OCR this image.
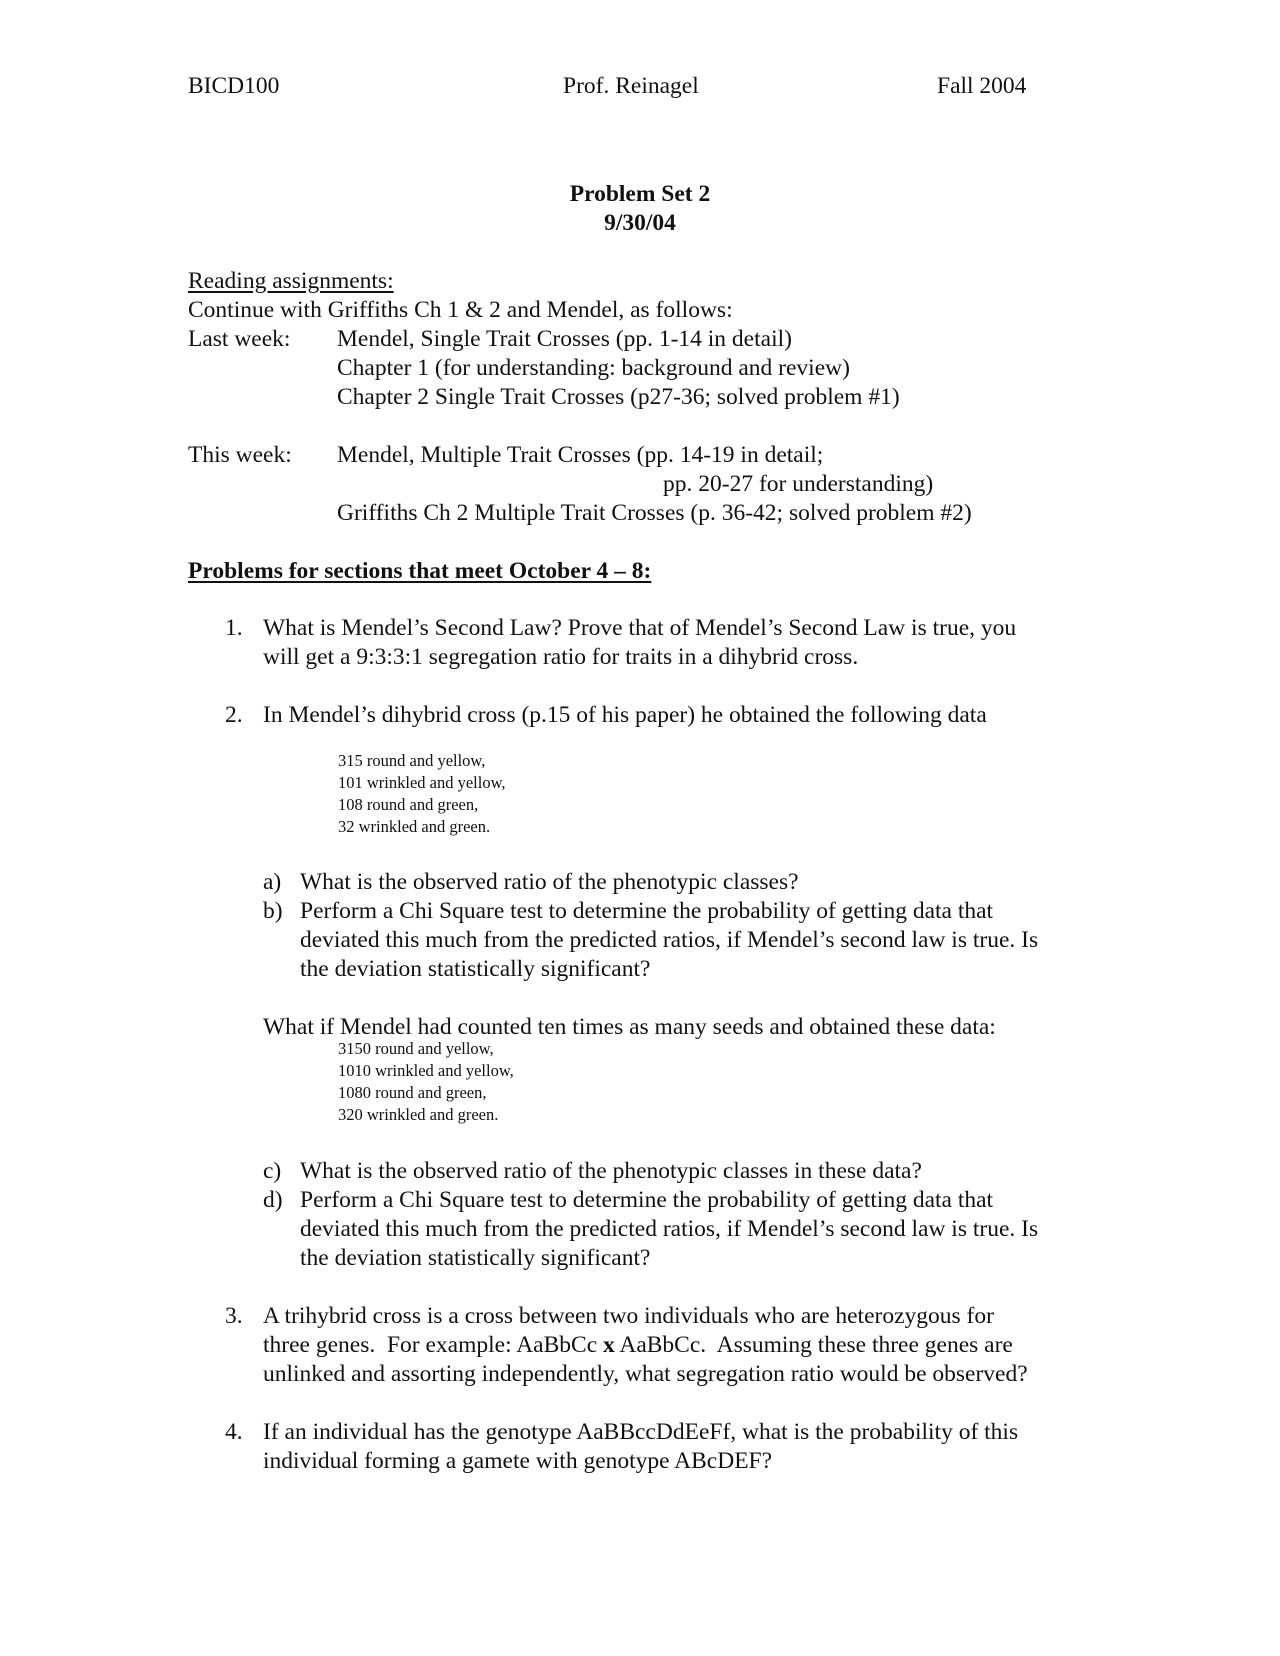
BICD100	Prof. Reinagel	Fall 2004
Problem Set 2
9/30/04
Reading assignments:
Continue with Griffiths Ch 1 & 2 and Mendel, as follows:
Last week: Mendel, Single Trait Crosses (pp. 1-14 in detail)
Chapter 1 (for understanding: background and review)
Chapter 2 Single Trait Crosses (p27-36; solved problem #1)
This week: Mendel, Multiple Trait Crosses (pp. 14-19 in detail;
pp. 20-27 for understanding)
Griffiths Ch 2 Multiple Trait Crosses (p. 36-42; solved problem #2)
Problems for sections that meet October 4 – 8:
1. What is Mendel’s Second Law? Prove that of Mendel’s Second Law is true, you
will get a 9:3:3:1 segregation ratio for traits in a dihybrid cross.
2. In Mendel’s dihybrid cross (p.15 of his paper) he obtained the following data
315 round and yellow,
101 wrinkled and yellow,
108 round and green,
32 wrinkled and green.
a) What is the observed ratio of the phenotypic classes?
b) Perform a Chi Square test to determine the probability of getting data that
deviated this much from the predicted ratios, if Mendel’s second law is true. Is
the deviation statistically significant?
What if Mendel had counted ten times as many seeds and obtained these data:
3150 round and yellow,
1010 wrinkled and yellow,
1080 round and green,
320 wrinkled and green.
c) What is the observed ratio of the phenotypic classes in these data?
d) Perform a Chi Square test to determine the probability of getting data that
deviated this much from the predicted ratios, if Mendel’s second law is true. Is
the deviation statistically significant?
3. A trihybrid cross is a cross between two individuals who are heterozygous for
three genes.  For example: AaBbCc x AaBbCc.  Assuming these three genes are
unlinked and assorting independently, what segregation ratio would be observed?
4. If an individual has the genotype AaBBccDdEeFf, what is the probability of this
individual forming a gamete with genotype ABcDEF?
